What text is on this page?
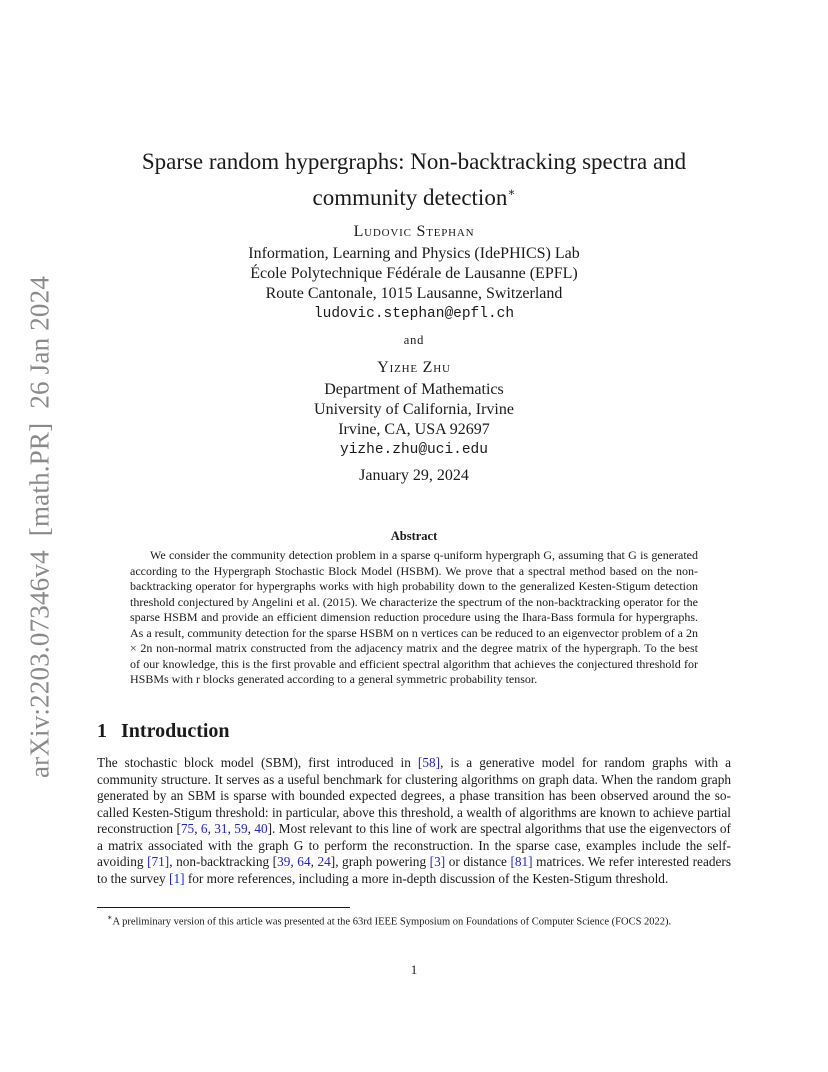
arXiv:2203.07346v4[math.PR]26 Jan 2024
Sparse random hypergraphs: Non-backtracking spectra and
community detection∗
Ludovic Stephan
Information, Learning and Physics (IdePHICS) Lab
École Polytechnique Fédérale de Lausanne (EPFL)
Route Cantonale, 1015 Lausanne, Switzerland
ludovic.stephan@epfl.ch
and
Yizhe Zhu
Department of Mathematics
University of California, Irvine
Irvine, CA, USA 92697
yizhe.zhu@uci.edu
January 29, 2024
Abstract
We consider the community detection problem in a sparse q-uniform hypergraph G, assuming that G is generated according to the Hypergraph Stochastic Block Model (HSBM). We prove that a spectral method based on the non-backtracking operator for hypergraphs works with high probability down to the generalized Kesten-Stigum detection threshold conjectured by Angelini et al. (2015). We characterize the spectrum of the non-backtracking operator for the sparse HSBM and provide an efficient dimension reduction procedure using the Ihara-Bass formula for hypergraphs. As a result, community detection for the sparse HSBM on n vertices can be reduced to an eigenvector problem of a 2n × 2n non-normal matrix constructed from the adjacency matrix and the degree matrix of the hypergraph. To the best of our knowledge, this is the first provable and efficient spectral algorithm that achieves the conjectured threshold for HSBMs with r blocks generated according to a general symmetric probability tensor.
1 Introduction
The stochastic block model (SBM), first introduced in [58], is a generative model for random graphs with a community structure. It serves as a useful benchmark for clustering algorithms on graph data. When the random graph generated by an SBM is sparse with bounded expected degrees, a phase transition has been observed around the so-called Kesten-Stigum threshold: in particular, above this threshold, a wealth of algorithms are known to achieve partial reconstruction [75, 6, 31, 59, 40]. Most relevant to this line of work are spectral algorithms that use the eigenvectors of a matrix associated with the graph G to perform the reconstruction. In the sparse case, examples include the self-avoiding [71], non-backtracking [39, 64, 24], graph powering [3] or distance [81] matrices. We refer interested readers to the survey [1] for more references, including a more in-depth discussion of the Kesten-Stigum threshold.
∗A preliminary version of this article was presented at the 63rd IEEE Symposium on Foundations of Computer Science (FOCS 2022).
1
